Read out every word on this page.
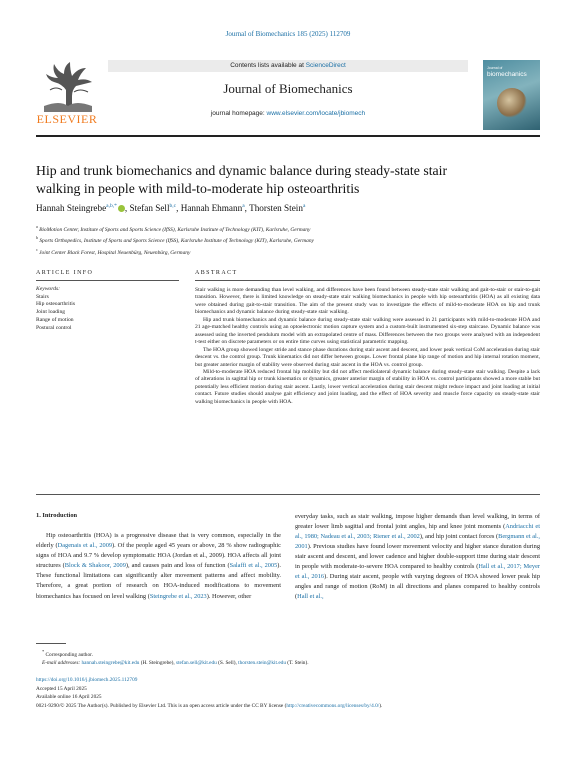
Journal of Biomechanics 185 (2025) 112709
ELSEVIER
Contents lists available at ScienceDirect
Journal of Biomechanics
journal homepage: www.elsevier.com/locate/jbiomech
Journal of
biomechanics
Hip and trunk biomechanics and dynamic balance during steady-state stair
walking in people with mild-to-moderate hip osteoarthritis
Hannah Steingrebe$^{a,b,*}$ , Stefan Sell$^{b,c}$, Hannah Ehmann$^a$, Thorsten Stein$^a$
$^a$ BioMotion Center, Institute of Sports and Sports Science (IfSS), Karlsruhe Institute of Technology (KIT), Karlsruhe, Germany
$^b$ Sports Orthopedics, Institute of Sports and Sports Science (IfSS), Karlsruhe Institute of Technology (KIT), Karlsruhe, Germany
$^c$ Joint Center Black Forest, Hospital Neuenbürg, Neuenbürg, Germany
ARTICLE INFO	ABSTRACT
Keywords:
Stairs
Hip osteoarthritis
Joint loading
Range of motion
Postural control

Stair walking is more demanding than level walking, and differences have been found between steady-state stair walking and gait-to-stair or stair-to-gait transition. However, there is limited knowledge on steady-state stair walking biomechanics in people with hip osteoarthritis (HOA) as all existing data were obtained during gait-to-stair transition. The aim of the present study was to investigate the effects of mild-to-moderate HOA on hip and trunk biomechanics and dynamic balance during steady-state stair walking.

Hip and trunk biomechanics and dynamic balance during steady-state stair walking were assessed in 21 participants with mild-to-moderate HOA and 21 age-matched healthy controls using an optoelectronic motion capture system and a custom-built instrumented six-step staircase. Dynamic balance was assessed using the inverted pendulum model with an extrapolated centre of mass. Differences between the two groups were analysed with an independent t-test either on discrete parameters or on entire time curves using statistical parametric mapping.

The HOA group showed longer stride and stance phase durations during stair ascent and descent, and lower peak vertical CoM acceleration during stair descent vs. the control group. Trunk kinematics did not differ between groups. Lower frontal plane hip range of motion and hip internal rotation moment, but greater anterior margin of stability were observed during stair ascent in the HOA vs. control group.

Mild-to-moderate HOA reduced frontal hip mobility but did not affect mediolateral dynamic balance during steady-state stair walking. Despite a lack of alterations in sagittal hip or trunk kinematics or dynamics, greater anterior margin of stability in HOA vs. control participants showed a more stable but potentially less efficient motion during stair ascent. Lastly, lower vertical acceleration during stair descent might reduce impact and joint loading at initial contact. Future studies should analyse gait efficiency and joint loading, and the effect of HOA severity and muscle force capacity on steady-state stair walking biomechanics in people with HOA.

1. Introduction
Hip osteoarthritis (HOA) is a progressive disease that is very common, especially in the elderly (Dagenais et al., 2009). Of the people aged 45 years or above, 28 % show radiographic signs of HOA and 9.7 % develop symptomatic HOA (Jordan et al., 2009). HOA affects all joint structures (Block & Shakoor, 2009), and causes pain and loss of function (Salaffi et al., 2005). These functional limitations can significantly alter movement patterns and affect mobility. Therefore, a great portion of research on HOA-induced modifications to movement biomechanics has focused on level walking (Steingrebe et al., 2023). However, other
everyday tasks, such as stair walking, impose higher demands than level walking, in terms of greater lower limb sagittal and frontal joint angles, hip and knee joint moments (Andriacchi et al., 1980; Nadeau et al., 2003; Riener et al., 2002), and hip joint contact forces (Bergmann et al., 2001). Previous studies have found lower movement velocity and higher stance duration during stair ascent and descent, and lower cadence and higher double-support time during stair descent in people with moderate-to-severe HOA compared to healthy controls (Hall et al., 2017; Meyer et al., 2016). During stair ascent, people with varying degrees of HOA showed lower peak hip angles and range of motion (RoM) in all directions and planes compared to healthy controls (Hall et al.,
* Corresponding author.
E-mail addresses: hannah.steingrebe@kit.edu (H. Steingrebe), stefan.sell@kit.edu (S. Sell), thorsten.stein@kit.edu (T. Stein).
https://doi.org/10.1016/j.jbiomech.2025.112709
Accepted 15 April 2025
Available online 16 April 2025
0021-9290/© 2025 The Author(s). Published by Elsevier Ltd. This is an open access article under the CC BY license (http://creativecommons.org/licenses/by/4.0/).
